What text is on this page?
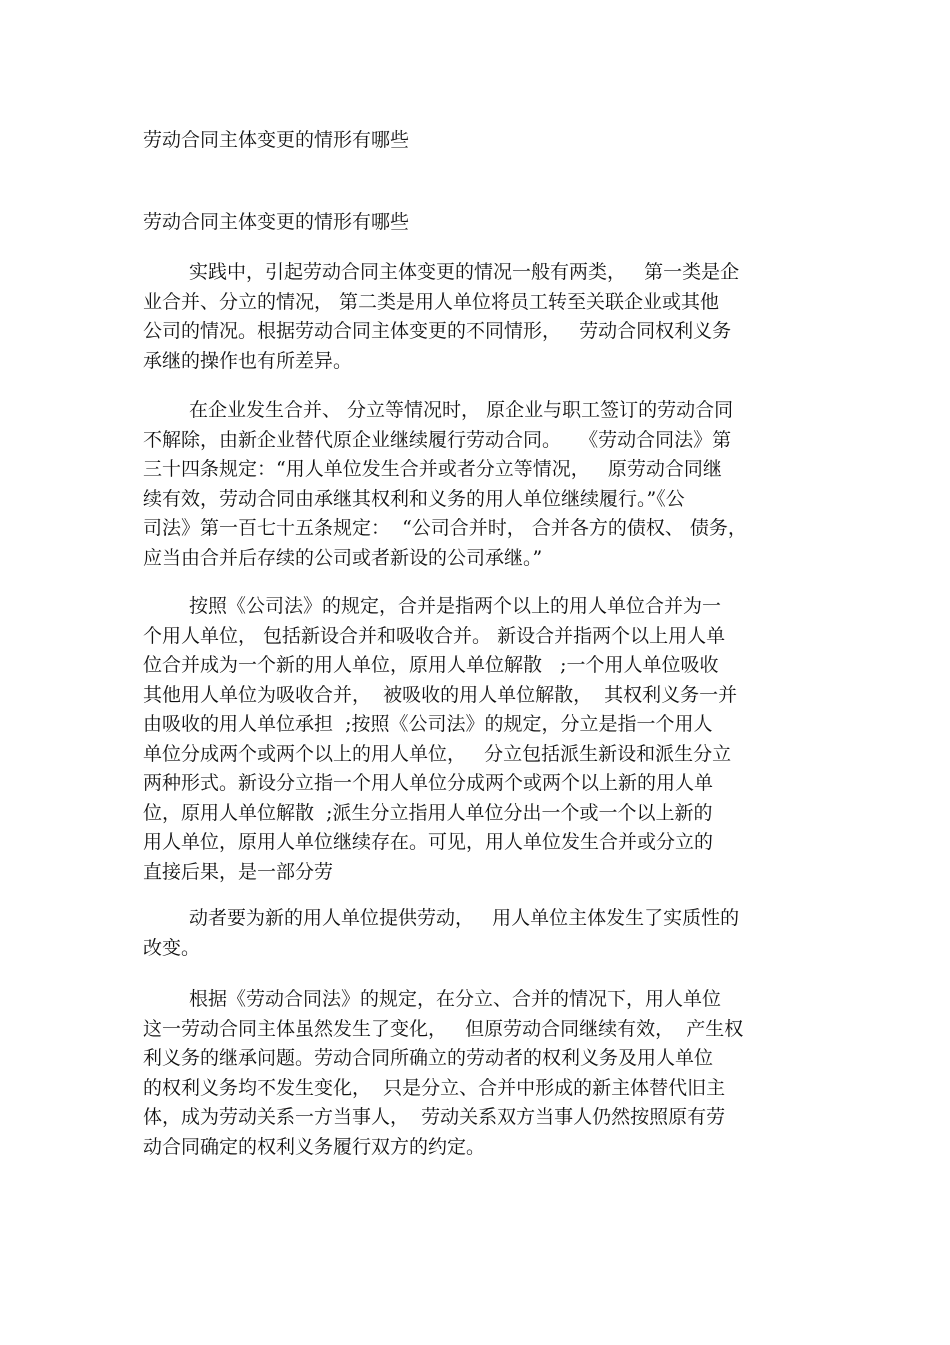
劳动合同主体变更的情形有哪些
劳动合同主体变更的情形有哪些
实践中，引起劳动合同主体变更的情况一般有两类，   第一类是企
业合并、分立的情况， 第二类是用人单位将员工转至关联企业或其他
公司的情况。根据劳动合同主体变更的不同情形，   劳动合同权利义务
承继的操作也有所差异。
在企业发生合并、 分立等情况时， 原企业与职工签订的劳动合同
不解除，由新企业替代原企业继续履行劳动合同。   《劳动合同法》第
三十四条规定：“用人单位发生合并或者分立等情况，   原劳动合同继
续有效，劳动合同由承继其权利和义务的用人单位继续履行。”《公
司法》第一百七十五条规定：  “公司合并时， 合并各方的债权、 债务，
应当由合并后存续的公司或者新设的公司承继。”
按照《公司法》的规定，合并是指两个以上的用人单位合并为一
个用人单位， 包括新设合并和吸收合并。 新设合并指两个以上用人单
位合并成为一个新的用人单位，原用人单位解散   ;一个用人单位吸收
其他用人单位为吸收合并，  被吸收的用人单位解散，  其权利义务一并
由吸收的用人单位承担  ;按照《公司法》的规定，分立是指一个用人
单位分成两个或两个以上的用人单位，   分立包括派生新设和派生分立
两种形式。新设分立指一个用人单位分成两个或两个以上新的用人单
位，原用人单位解散  ;派生分立指用人单位分出一个或一个以上新的
用人单位，原用人单位继续存在。可见，用人单位发生合并或分立的
直接后果，是一部分劳
动者要为新的用人单位提供劳动，   用人单位主体发生了实质性的
改变。
根据《劳动合同法》的规定，在分立、合并的情况下，用人单位
这一劳动合同主体虽然发生了变化，   但原劳动合同继续有效，  产生权
利义务的继承问题。劳动合同所确立的劳动者的权利义务及用人单位
的权利义务均不发生变化，  只是分立、合并中形成的新主体替代旧主
体，成为劳动关系一方当事人，  劳动关系双方当事人仍然按照原有劳
动合同确定的权利义务履行双方的约定。
